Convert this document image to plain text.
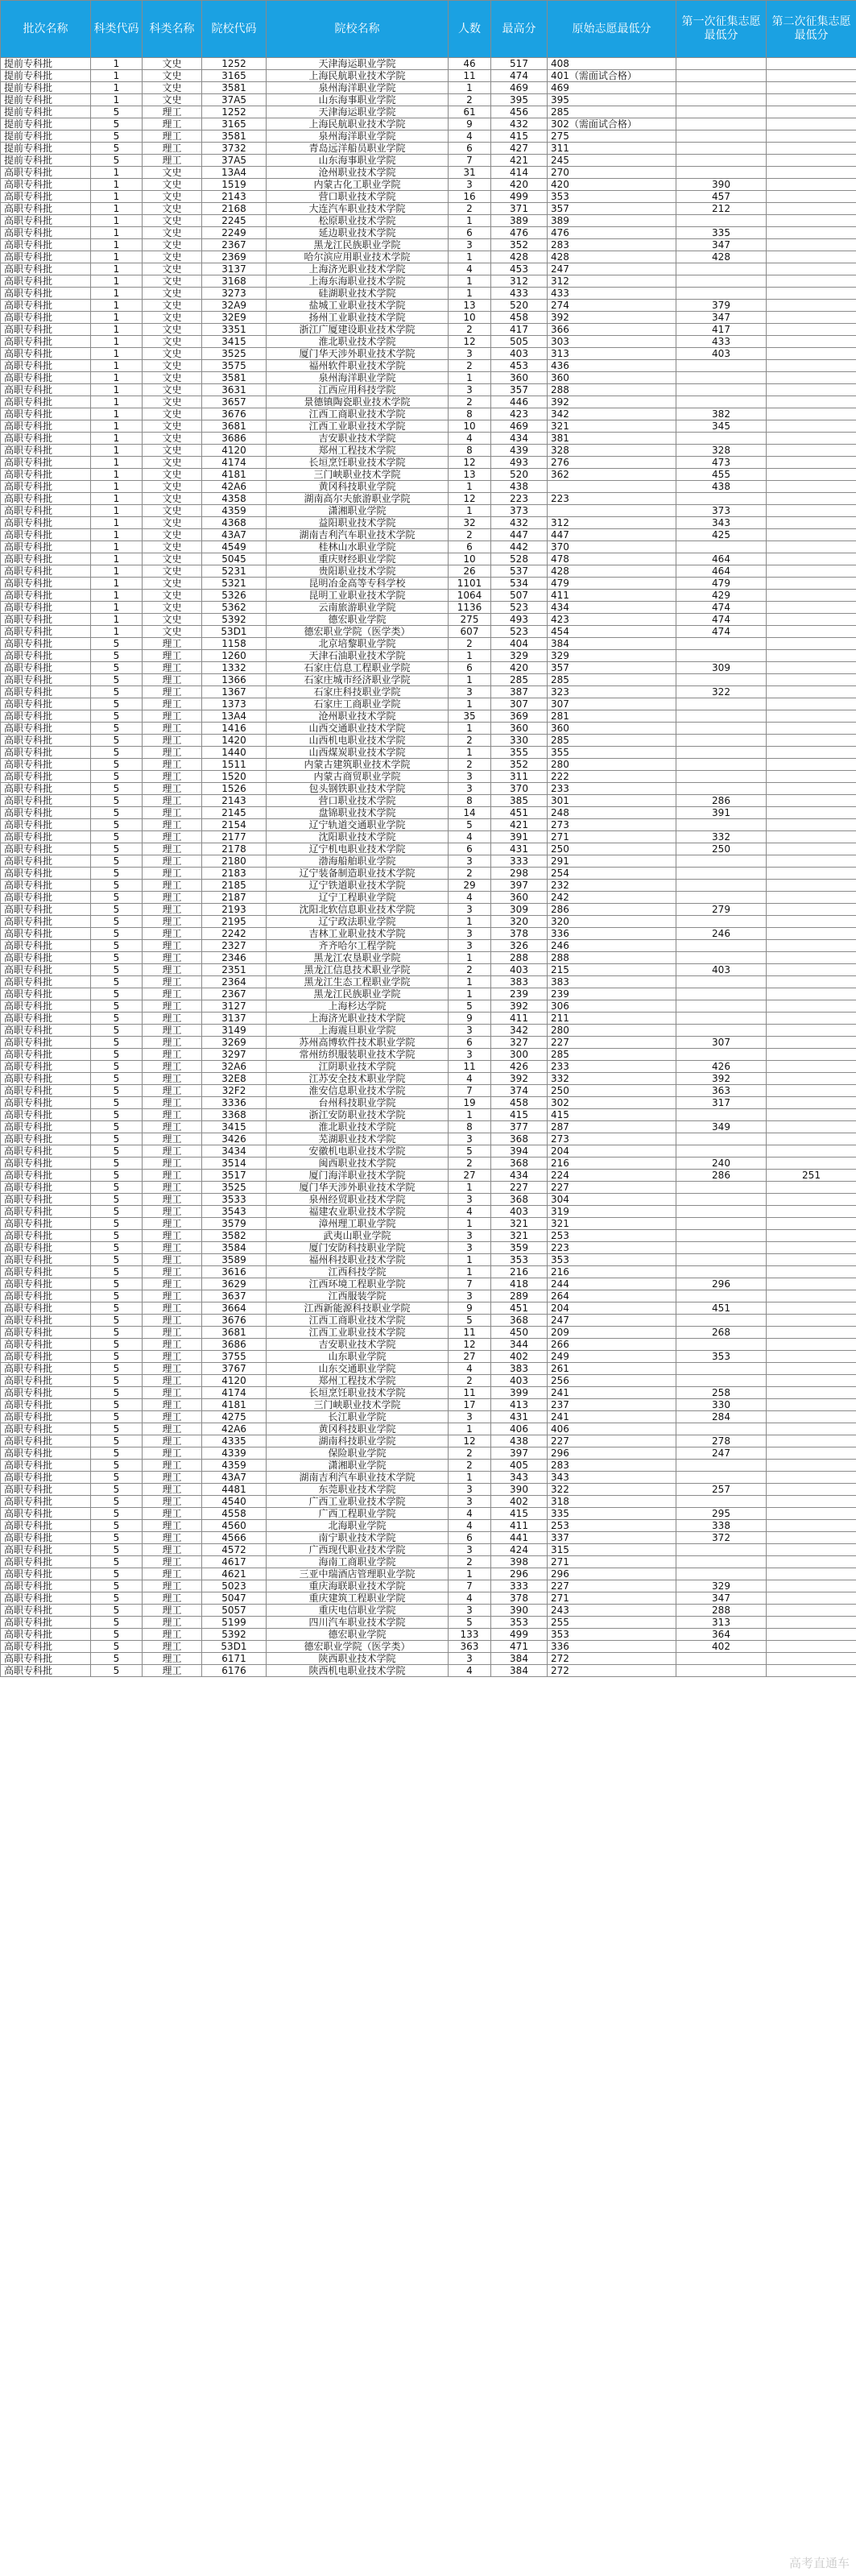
批次名称	科类代码	科类名称	院校代码	院校名称	人数	最高分	原始志愿最低分	第一次征集志愿最低分	第二次征集志愿最低分
提前专科批	1	文史	1252	天津海运职业学院	46	517	408		
提前专科批	1	文史	3165	上海民航职业技术学院	11	474	401（需面试合格）		
提前专科批	1	文史	3581	泉州海洋职业学院	1	469	469		
提前专科批	1	文史	37A5	山东海事职业学院	2	395	395		
提前专科批	5	理工	1252	天津海运职业学院	61	456	285		
提前专科批	5	理工	3165	上海民航职业技术学院	9	432	302（需面试合格）		
提前专科批	5	理工	3581	泉州海洋职业学院	4	415	275		
提前专科批	5	理工	3732	青岛远洋船员职业学院	6	427	311		
提前专科批	5	理工	37A5	山东海事职业学院	7	421	245		
高职专科批	1	文史	13A4	沧州职业技术学院	31	414	270		
高职专科批	1	文史	1519	内蒙古化工职业学院	3	420	420	390	
高职专科批	1	文史	2143	营口职业技术学院	16	499	353	457	
高职专科批	1	文史	2168	大连汽车职业技术学院	2	371	357	212	
高职专科批	1	文史	2245	松原职业技术学院	1	389	389		
高职专科批	1	文史	2249	延边职业技术学院	6	476	476	335	
高职专科批	1	文史	2367	黑龙江民族职业学院	3	352	283	347	
高职专科批	1	文史	2369	哈尔滨应用职业技术学院	1	428	428	428	
高职专科批	1	文史	3137	上海济光职业技术学院	4	453	247		
高职专科批	1	文史	3168	上海东海职业技术学院	1	312	312		
高职专科批	1	文史	3273	硅湖职业技术学院	1	433	433		
高职专科批	1	文史	32A9	盐城工业职业技术学院	13	520	274	379	
高职专科批	1	文史	32E9	扬州工业职业技术学院	10	458	392	347	
高职专科批	1	文史	3351	浙江广厦建设职业技术学院	2	417	366	417	
高职专科批	1	文史	3415	淮北职业技术学院	12	505	303	433	
高职专科批	1	文史	3525	厦门华天涉外职业技术学院	3	403	313	403	
高职专科批	1	文史	3575	福州软件职业技术学院	2	453	436		
高职专科批	1	文史	3581	泉州海洋职业学院	1	360	360		
高职专科批	1	文史	3631	江西应用科技学院	3	357	288		
高职专科批	1	文史	3657	景德镇陶瓷职业技术学院	2	446	392		
高职专科批	1	文史	3676	江西工商职业技术学院	8	423	342	382	
高职专科批	1	文史	3681	江西工业职业技术学院	10	469	321	345	
高职专科批	1	文史	3686	吉安职业技术学院	4	434	381		
高职专科批	1	文史	4120	郑州工程技术学院	8	439	328	328	
高职专科批	1	文史	4174	长垣烹饪职业技术学院	12	493	276	473	
高职专科批	1	文史	4181	三门峡职业技术学院	13	520	362	455	
高职专科批	1	文史	42A6	黄冈科技职业学院	1	438		438	
高职专科批	1	文史	4358	湖南高尔夫旅游职业学院	12	223	223		
高职专科批	1	文史	4359	潇湘职业学院	1	373		373	
高职专科批	1	文史	4368	益阳职业技术学院	32	432	312	343	
高职专科批	1	文史	43A7	湖南吉利汽车职业技术学院	2	447	447	425	
高职专科批	1	文史	4549	桂林山水职业学院	6	442	370		
高职专科批	1	文史	5045	重庆财经职业学院	10	528	478	464	
高职专科批	1	文史	5231	贵阳职业技术学院	26	537	428	464	
高职专科批	1	文史	5321	昆明冶金高等专科学校	1101	534	479	479	
高职专科批	1	文史	5326	昆明工业职业技术学院	1064	507	411	429	
高职专科批	1	文史	5362	云南旅游职业学院	1136	523	434	474	
高职专科批	1	文史	5392	德宏职业学院	275	493	423	474	
高职专科批	1	文史	53D1	德宏职业学院（医学类）	607	523	454	474	
高职专科批	5	理工	1158	北京培黎职业学院	2	404	384		
高职专科批	5	理工	1260	天津石油职业技术学院	1	329	329		
高职专科批	5	理工	1332	石家庄信息工程职业学院	6	420	357	309	
高职专科批	5	理工	1366	石家庄城市经济职业学院	1	285	285		
高职专科批	5	理工	1367	石家庄科技职业学院	3	387	323	322	
高职专科批	5	理工	1373	石家庄工商职业学院	1	307	307		
高职专科批	5	理工	13A4	沧州职业技术学院	35	369	281		
高职专科批	5	理工	1416	山西交通职业技术学院	1	360	360		
高职专科批	5	理工	1420	山西机电职业技术学院	2	330	285		
高职专科批	5	理工	1440	山西煤炭职业技术学院	1	355	355		
高职专科批	5	理工	1511	内蒙古建筑职业技术学院	2	352	280		
高职专科批	5	理工	1520	内蒙古商贸职业学院	3	311	222		
高职专科批	5	理工	1526	包头钢铁职业技术学院	3	370	233		
高职专科批	5	理工	2143	营口职业技术学院	8	385	301	286	
高职专科批	5	理工	2145	盘锦职业技术学院	14	451	248	391	
高职专科批	5	理工	2154	辽宁轨道交通职业学院	5	421	273		
高职专科批	5	理工	2177	沈阳职业技术学院	4	391	271	332	
高职专科批	5	理工	2178	辽宁机电职业技术学院	6	431	250	250	
高职专科批	5	理工	2180	渤海船舶职业学院	3	333	291		
高职专科批	5	理工	2183	辽宁装备制造职业技术学院	2	298	254		
高职专科批	5	理工	2185	辽宁铁道职业技术学院	29	397	232		
高职专科批	5	理工	2187	辽宁工程职业学院	4	360	242		
高职专科批	5	理工	2193	沈阳北软信息职业技术学院	3	309	286	279	
高职专科批	5	理工	2195	辽宁政法职业学院	1	320	320		
高职专科批	5	理工	2242	吉林工业职业技术学院	3	378	336	246	
高职专科批	5	理工	2327	齐齐哈尔工程学院	3	326	246		
高职专科批	5	理工	2346	黑龙江农垦职业学院	1	288	288		
高职专科批	5	理工	2351	黑龙江信息技术职业学院	2	403	215	403	
高职专科批	5	理工	2364	黑龙江生态工程职业学院	1	383	383		
高职专科批	5	理工	2367	黑龙江民族职业学院	1	239	239		
高职专科批	5	理工	3127	上海杉达学院	5	392	306		
高职专科批	5	理工	3137	上海济光职业技术学院	9	411	211		
高职专科批	5	理工	3149	上海震旦职业学院	3	342	280		
高职专科批	5	理工	3269	苏州高博软件技术职业学院	6	327	227	307	
高职专科批	5	理工	3297	常州纺织服装职业技术学院	3	300	285		
高职专科批	5	理工	32A6	江阴职业技术学院	11	426	233	426	
高职专科批	5	理工	32E8	江苏安全技术职业学院	4	392	332	392	
高职专科批	5	理工	32F2	淮安信息职业技术学院	7	374	250	363	
高职专科批	5	理工	3336	台州科技职业学院	19	458	302	317	
高职专科批	5	理工	3368	浙江安防职业技术学院	1	415	415		
高职专科批	5	理工	3415	淮北职业技术学院	8	377	287	349	
高职专科批	5	理工	3426	芜湖职业技术学院	3	368	273		
高职专科批	5	理工	3434	安徽机电职业技术学院	5	394	204		
高职专科批	5	理工	3514	闽西职业技术学院	2	368	216	240	
高职专科批	5	理工	3517	厦门海洋职业技术学院	27	434	224	286	251
高职专科批	5	理工	3525	厦门华天涉外职业技术学院	1	227	227		
高职专科批	5	理工	3533	泉州经贸职业技术学院	3	368	304		
高职专科批	5	理工	3543	福建农业职业技术学院	4	403	319		
高职专科批	5	理工	3579	漳州理工职业学院	1	321	321		
高职专科批	5	理工	3582	武夷山职业学院	3	321	253		
高职专科批	5	理工	3584	厦门安防科技职业学院	3	359	223		
高职专科批	5	理工	3589	福州科技职业技术学院	1	353	353		
高职专科批	5	理工	3616	江西科技学院	1	216	216		
高职专科批	5	理工	3629	江西环境工程职业学院	7	418	244	296	
高职专科批	5	理工	3637	江西服装学院	3	289	264		
高职专科批	5	理工	3664	江西新能源科技职业学院	9	451	204	451	
高职专科批	5	理工	3676	江西工商职业技术学院	5	368	247		
高职专科批	5	理工	3681	江西工业职业技术学院	11	450	209	268	
高职专科批	5	理工	3686	吉安职业技术学院	12	344	266		
高职专科批	5	理工	3755	山东职业学院	27	402	249	353	
高职专科批	5	理工	3767	山东交通职业学院	4	383	261		
高职专科批	5	理工	4120	郑州工程技术学院	2	403	256		
高职专科批	5	理工	4174	长垣烹饪职业技术学院	11	399	241	258	
高职专科批	5	理工	4181	三门峡职业技术学院	17	413	237	330	
高职专科批	5	理工	4275	长江职业学院	3	431	241	284	
高职专科批	5	理工	42A6	黄冈科技职业学院	1	406	406		
高职专科批	5	理工	4335	湖南科技职业学院	12	438	227	278	
高职专科批	5	理工	4339	保险职业学院	2	397	296	247	
高职专科批	5	理工	4359	潇湘职业学院	2	405	283		
高职专科批	5	理工	43A7	湖南吉利汽车职业技术学院	1	343	343		
高职专科批	5	理工	4481	东莞职业技术学院	3	390	322	257	
高职专科批	5	理工	4540	广西工业职业技术学院	3	402	318		
高职专科批	5	理工	4558	广西工程职业学院	4	415	335	295	
高职专科批	5	理工	4560	北海职业学院	4	411	253	338	
高职专科批	5	理工	4566	南宁职业技术学院	6	441	337	372	
高职专科批	5	理工	4572	广西现代职业技术学院	3	424	315		
高职专科批	5	理工	4617	海南工商职业学院	2	398	271		
高职专科批	5	理工	4621	三亚中瑞酒店管理职业学院	1	296	296		
高职专科批	5	理工	5023	重庆海联职业技术学院	7	333	227	329	
高职专科批	5	理工	5047	重庆建筑工程职业学院	4	378	271	347	
高职专科批	5	理工	5057	重庆电信职业学院	3	390	243	288	
高职专科批	5	理工	5199	四川汽车职业技术学院	5	353	255	313	
高职专科批	5	理工	5392	德宏职业学院	133	499	353	364	
高职专科批	5	理工	53D1	德宏职业学院（医学类）	363	471	336	402	
高职专科批	5	理工	6171	陕西职业技术学院	3	384	272		
高职专科批	5	理工	6176	陕西机电职业技术学院	4	384	272		
高考直通车
